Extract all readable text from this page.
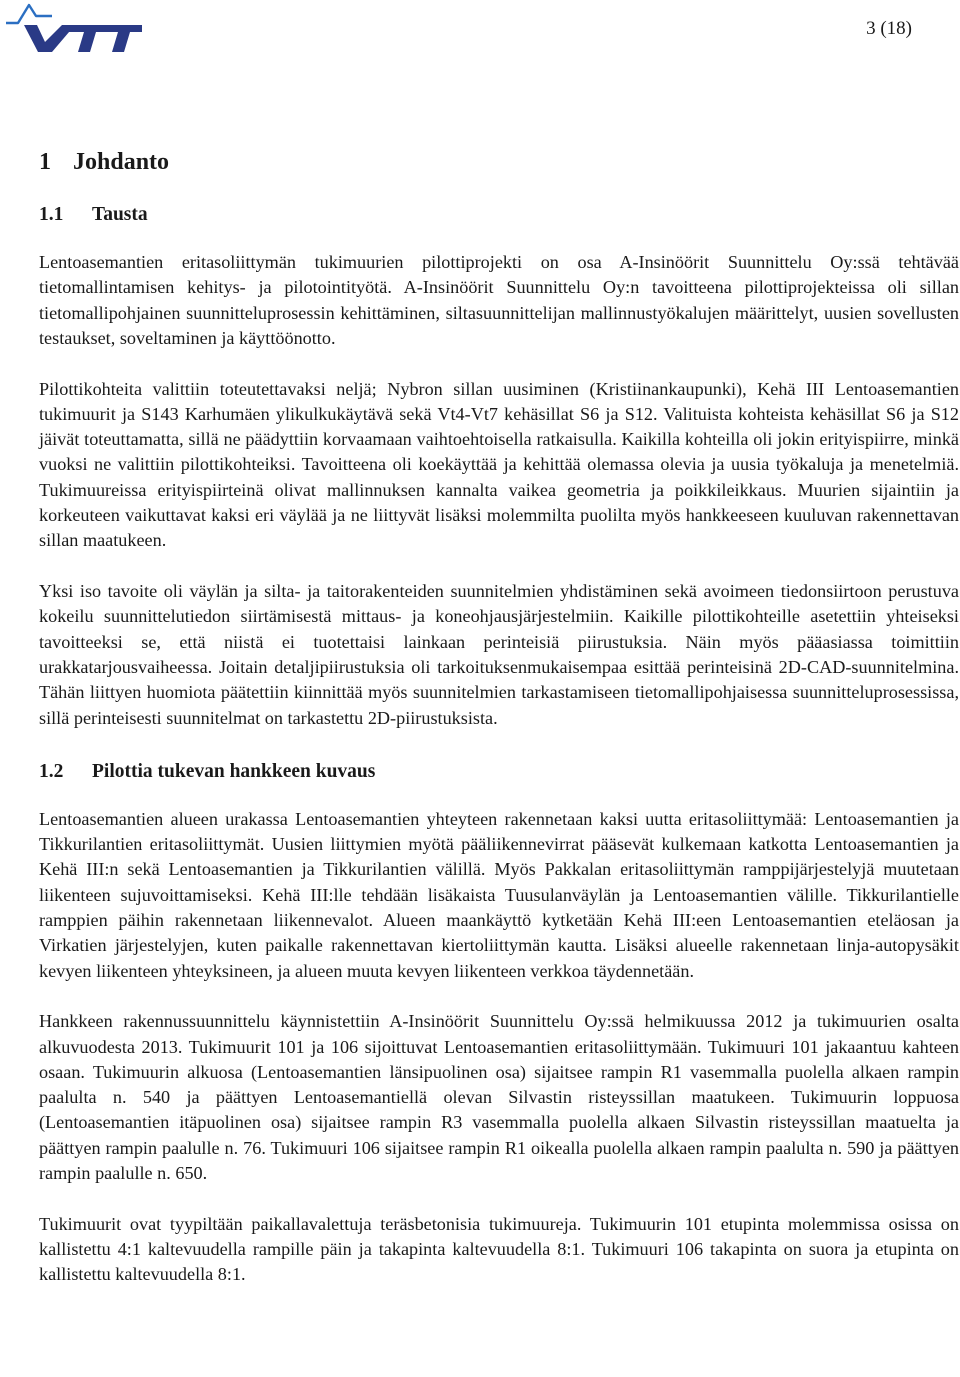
3 (18)
1 Johdanto
1.1 Tausta

Lentoasemantien eritasoliittymän tukimuurien pilottiprojekti on osa A-Insinöörit Suunnittelu Oy:ssä tehtävää tietomallintamisen kehitys- ja pilotointityötä. A-Insinöörit Suunnittelu Oy:n tavoitteena pilottiprojekteissa oli sillan tietomallipohjainen suunnitteluprosessin kehittäminen, siltasuunnittelijan mallinnustyökalujen määrittelyt, uusien sovellusten testaukset, soveltaminen ja käyttöönotto.

Pilottikohteita valittiin toteutettavaksi neljä; Nybron sillan uusiminen (Kristiinankaupunki), Kehä III Lentoasemantien tukimuurit ja S143 Karhumäen ylikulkukäytävä sekä Vt4-Vt7 kehäsillat S6 ja S12. Valituista kohteista kehäsillat S6 ja S12 jäivät toteuttamatta, sillä ne päädyttiin korvaamaan vaihtoehtoisella ratkaisulla. Kaikilla kohteilla oli jokin erityispiirre, minkä vuoksi ne valittiin pilottikohteiksi. Tavoitteena oli koekäyttää ja kehittää olemassa olevia ja uusia työkaluja ja menetelmiä. Tukimuureissa erityispiirteinä olivat mallinnuksen kannalta vaikea geometria ja poikkileikkaus. Muurien sijaintiin ja korkeuteen vaikuttavat kaksi eri väylää ja ne liittyvät lisäksi molemmilta puolilta myös hankkeeseen kuuluvan rakennettavan sillan maatukeen.

Yksi iso tavoite oli väylän ja silta- ja taitorakenteiden suunnitelmien yhdistäminen sekä avoimeen tiedonsiirtoon perustuva kokeilu suunnittelutiedon siirtämisestä mittaus- ja koneohjausjärjestelmiin. Kaikille pilottikohteille asetettiin yhteiseksi tavoitteeksi se, että niistä ei tuotettaisi lainkaan perinteisiä piirustuksia. Näin myös pääasiassa toimittiin urakkatarjousvaiheessa. Joitain detaljipiirustuksia oli tarkoituksenmukaisempaa esittää perinteisinä 2D-CAD-suunnitelmina. Tähän liittyen huomiota päätettiin kiinnittää myös suunnitelmien tarkastamiseen tietomallipohjaisessa suunnitteluprosessissa, sillä perinteisesti suunnitelmat on tarkastettu 2D-piirustuksista.

1.2 Pilottia tukevan hankkeen kuvaus

Lentoasemantien alueen urakassa Lentoasemantien yhteyteen rakennetaan kaksi uutta eritasoliittymää: Lentoasemantien ja Tikkurilantien eritasoliittymät. Uusien liittymien myötä pääliikennevirrat pääsevät kulkemaan katkotta Lentoasemantien ja Kehä III:n sekä Lentoasemantien ja Tikkurilantien välillä. Myös Pakkalan eritasoliittymän ramppijärjestelyjä muutetaan liikenteen sujuvoittamiseksi. Kehä III:lle tehdään lisäkaista Tuusulanväylän ja Lentoasemantien välille. Tikkurilantielle ramppien päihin rakennetaan liikennevalot. Alueen maankäyttö kytketään Kehä III:een Lentoasemantien eteläosan ja Virkatien järjestelyjen, kuten paikalle rakennettavan kiertoliittymän kautta. Lisäksi alueelle rakennetaan linja-autopysäkit kevyen liikenteen yhteyksineen, ja alueen muuta kevyen liikenteen verkkoa täydennetään.

Hankkeen rakennussuunnittelu käynnistettiin A-Insinöörit Suunnittelu Oy:ssä helmikuussa 2012 ja tukimuurien osalta alkuvuodesta 2013. Tukimuurit 101 ja 106 sijoittuvat Lentoasemantien eritasoliittymään. Tukimuuri 101 jakaantuu kahteen osaan. Tukimuurin alkuosa (Lentoasemantien länsipuolinen osa) sijaitsee rampin R1 vasemmalla puolella alkaen rampin paalulta n. 540 ja päättyen Lentoasemantiellä olevan Silvastin risteyssillan maatukeen. Tukimuurin loppuosa (Lentoasemantien itäpuolinen osa) sijaitsee rampin R3 vasemmalla puolella alkaen Silvastin risteyssillan maatuelta ja päättyen rampin paalulle n. 76. Tukimuuri 106 sijaitsee rampin R1 oikealla puolella alkaen rampin paalulta n. 590 ja päättyen rampin paalulle n. 650.

Tukimuurit ovat tyypiltään paikallavalettuja teräsbetonisia tukimuureja. Tukimuurin 101 etupinta molemmissa osissa on kallistettu 4:1 kaltevuudella rampille päin ja takapinta kaltevuudella 8:1. Tukimuuri 106 takapinta on suora ja etupinta on kallistettu kaltevuudella 8:1.
